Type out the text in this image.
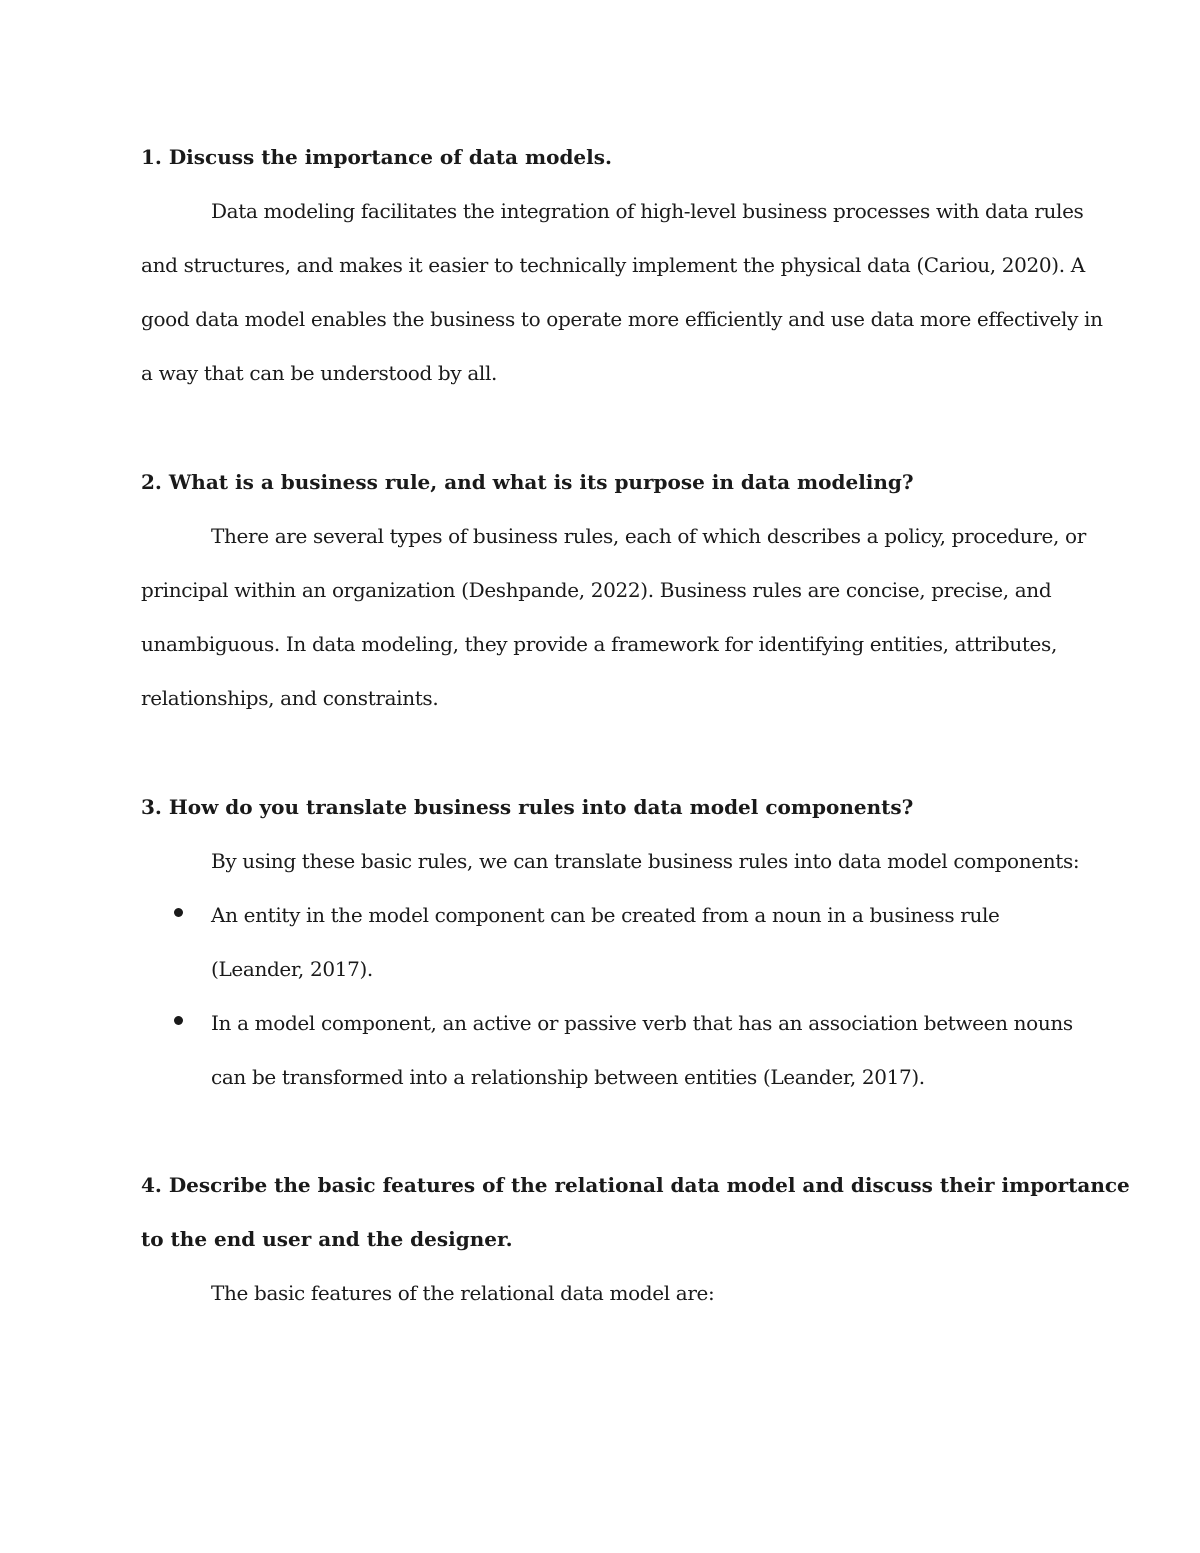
1. Discuss the importance of data models.

Data modeling facilitates the integration of high-level business processes with data rules

and structures, and makes it easier to technically implement the physical data (Cariou, 2020). A

good data model enables the business to operate more efficiently and use data more effectively in

a way that can be understood by all.

2. What is a business rule, and what is its purpose in data modeling?

There are several types of business rules, each of which describes a policy, procedure, or

principal within an organization (Deshpande, 2022). Business rules are concise, precise, and

unambiguous. In data modeling, they provide a framework for identifying entities, attributes,

relationships, and constraints.

3. How do you translate business rules into data model components?

By using these basic rules, we can translate business rules into data model components:

An entity in the model component can be created from a noun in a business rule

(Leander, 2017).

In a model component, an active or passive verb that has an association between nouns

can be transformed into a relationship between entities (Leander, 2017).

4. Describe the basic features of the relational data model and discuss their importance

to the end user and the designer.

The basic features of the relational data model are:
